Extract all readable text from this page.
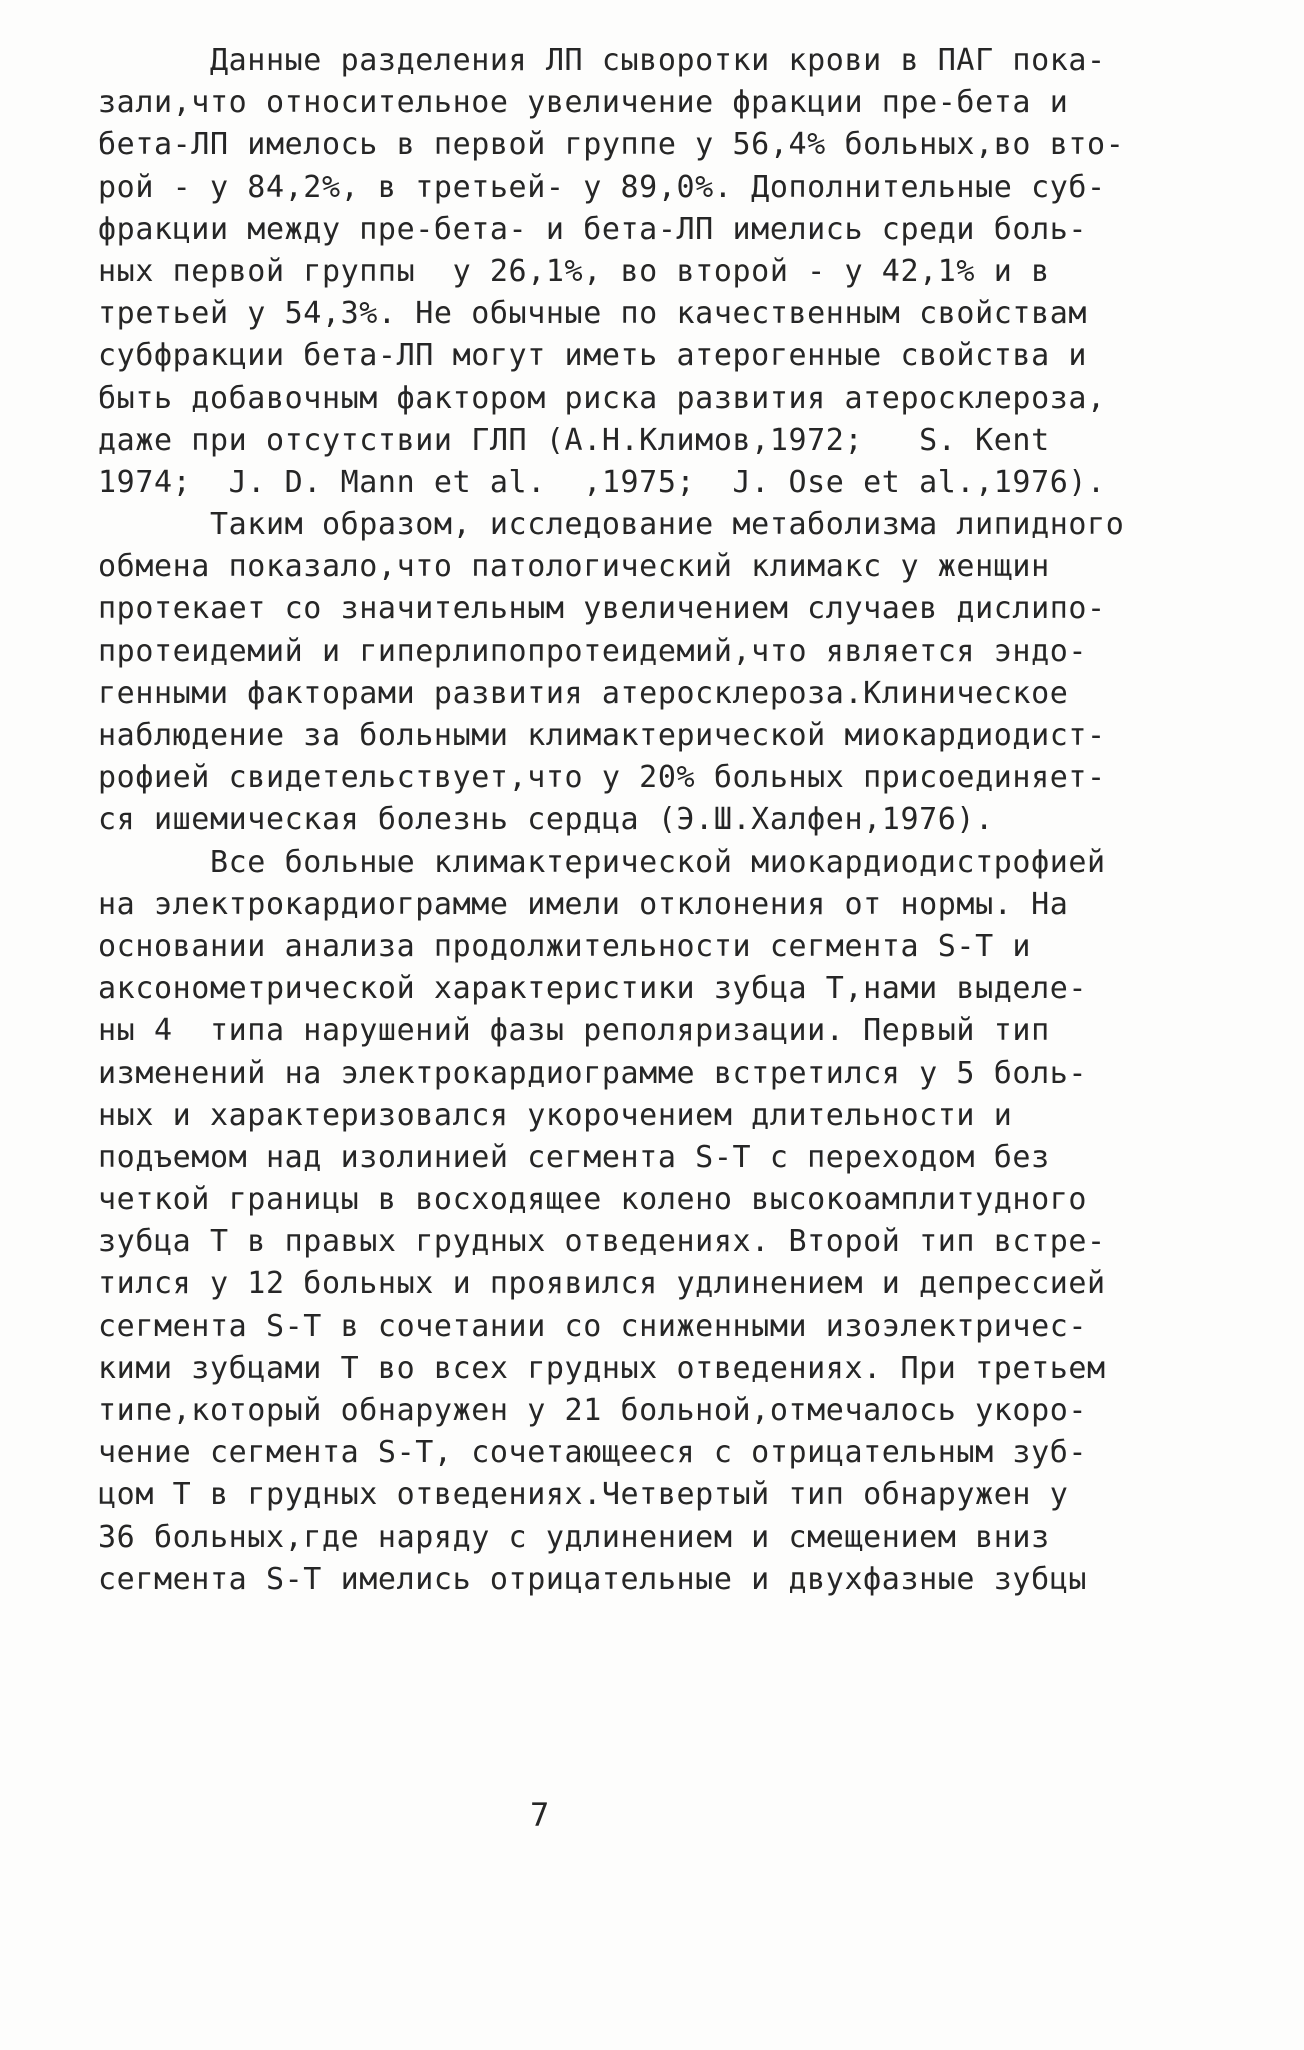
Данные разделения ЛП сыворотки крови в ПАГ пока-
зали,что относительное увеличение фракции пре-бета и
бета-ЛП имелось в первой группе у 56,4% больных,во вто-
рой - у 84,2%, в третьей- у 89,0%. Дополнительные суб-
фракции между пре-бета- и бета-ЛП имелись среди боль-
ных первой группы  у 26,1%, во второй - у 42,1% и в
третьей у 54,3%. Не обычные по качественным свойствам
субфракции бета-ЛП могут иметь атерогенные свойства и
быть добавочным фактором риска развития атеросклероза,
даже при отсутствии ГЛП (А.Н.Климов,1972;   S. Kent
1974;  J. D. Mann et al.  ,1975;  J. Ose et al.,1976).
Таким образом, исследование метаболизма липидного
обмена показало,что патологический климакс у женщин
протекает со значительным увеличением случаев дислипо-
протеидемий и гиперлипопротеидемий,что является эндо-
генными факторами развития атеросклероза.Клиническое
наблюдение за больными климактерической миокардиодист-
рофией свидетельствует,что у 20% больных присоединяет-
ся ишемическая болезнь сердца (Э.Ш.Халфен,1976).
Все больные климактерической миокардиодистрофией
на электрокардиограмме имели отклонения от нормы. На
основании анализа продолжительности сегмента S-T и
аксонометрической характеристики зубца Т,нами выделе-
ны 4  типа нарушений фазы реполяризации. Первый тип
изменений на электрокардиограмме встретился у 5 боль-
ных и характеризовался укорочением длительности и
подъемом над изолинией сегмента S-T с переходом без
четкой границы в восходящее колено высокоамплитудного
зубца Т в правых грудных отведениях. Второй тип встре-
тился у 12 больных и проявился удлинением и депрессией
сегмента S-T в сочетании со сниженными изоэлектричес-
кими зубцами Т во всех грудных отведениях. При третьем
типе,который обнаружен у 21 больной,отмечалось укоро-
чение сегмента S-T, сочетающееся с отрицательным зуб-
цом Т в грудных отведениях.Четвертый тип обнаружен у
36 больных,где наряду с удлинением и смещением вниз
сегмента S-T имелись отрицательные и двухфазные зубцы
7
